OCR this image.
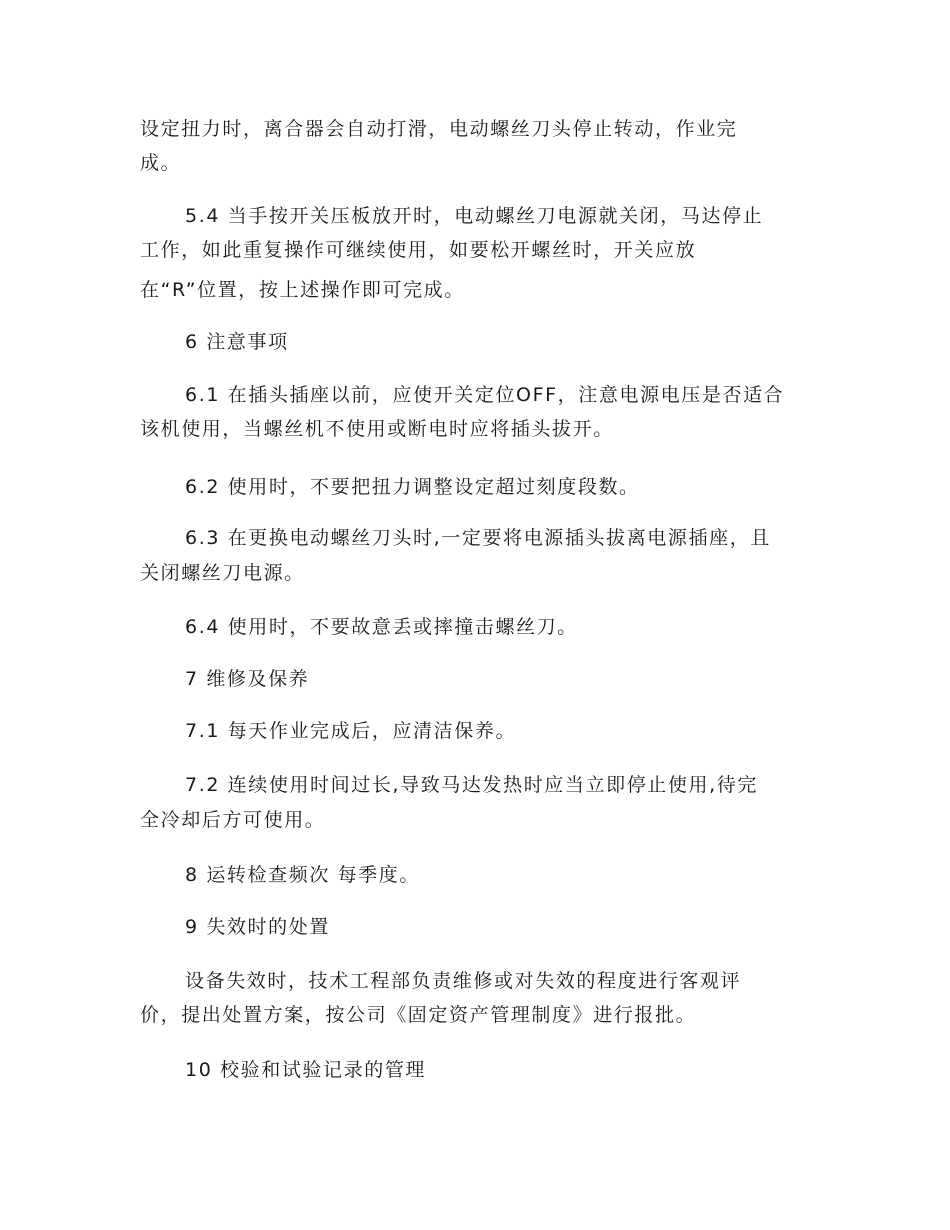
设定扭力时，离合器会自动打滑，电动螺丝刀头停止转动，作业完
成。
5.4 当手按开关压板放开时，电动螺丝刀电源就关闭，马达停止
工作，如此重复操作可继续使用，如要松开螺丝时，开关应放
在“R”位置，按上述操作即可完成。
6 注意事项
6.1 在插头插座以前，应使开关定位OFF，注意电源电压是否适合
该机使用，当螺丝机不使用或断电时应将插头拔开。
6.2 使用时，不要把扭力调整设定超过刻度段数。
6.3 在更换电动螺丝刀头时,一定要将电源插头拔离电源插座，且
关闭螺丝刀电源。
6.4 使用时，不要故意丢或摔撞击螺丝刀。
7 维修及保养
7.1 每天作业完成后，应清洁保养。
7.2 连续使用时间过长,导致马达发热时应当立即停止使用,待完
全冷却后方可使用。
8 运转检查频次 每季度。
9 失效时的处置
设备失效时，技术工程部负责维修或对失效的程度进行客观评
价，提出处置方案，按公司《固定资产管理制度》进行报批。
10 校验和试验记录的管理
